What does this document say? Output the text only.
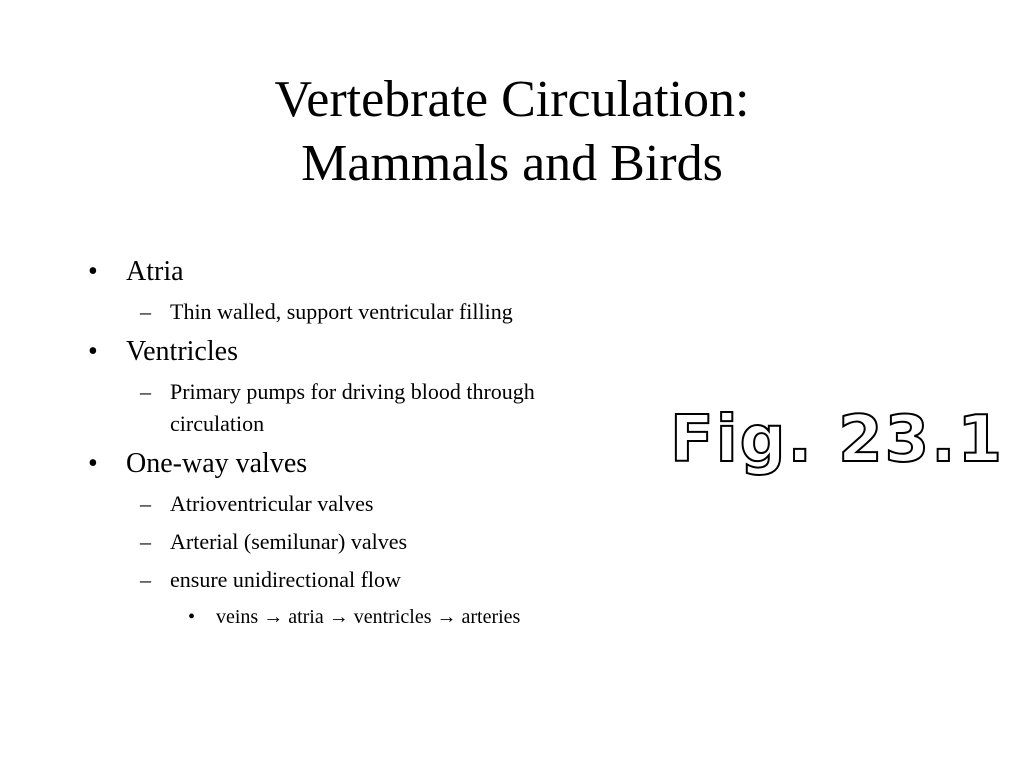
Vertebrate Circulation:
Mammals and Birds
• Atria
– Thin walled, support ventricular filling
• Ventricles
– Primary pumps for driving blood through circulation
• One-way valves
– Atrioventricular valves
– Arterial (semilunar) valves
– ensure unidirectional flow
• veins → atria → ventricles → arteries
Fig. 23.1
